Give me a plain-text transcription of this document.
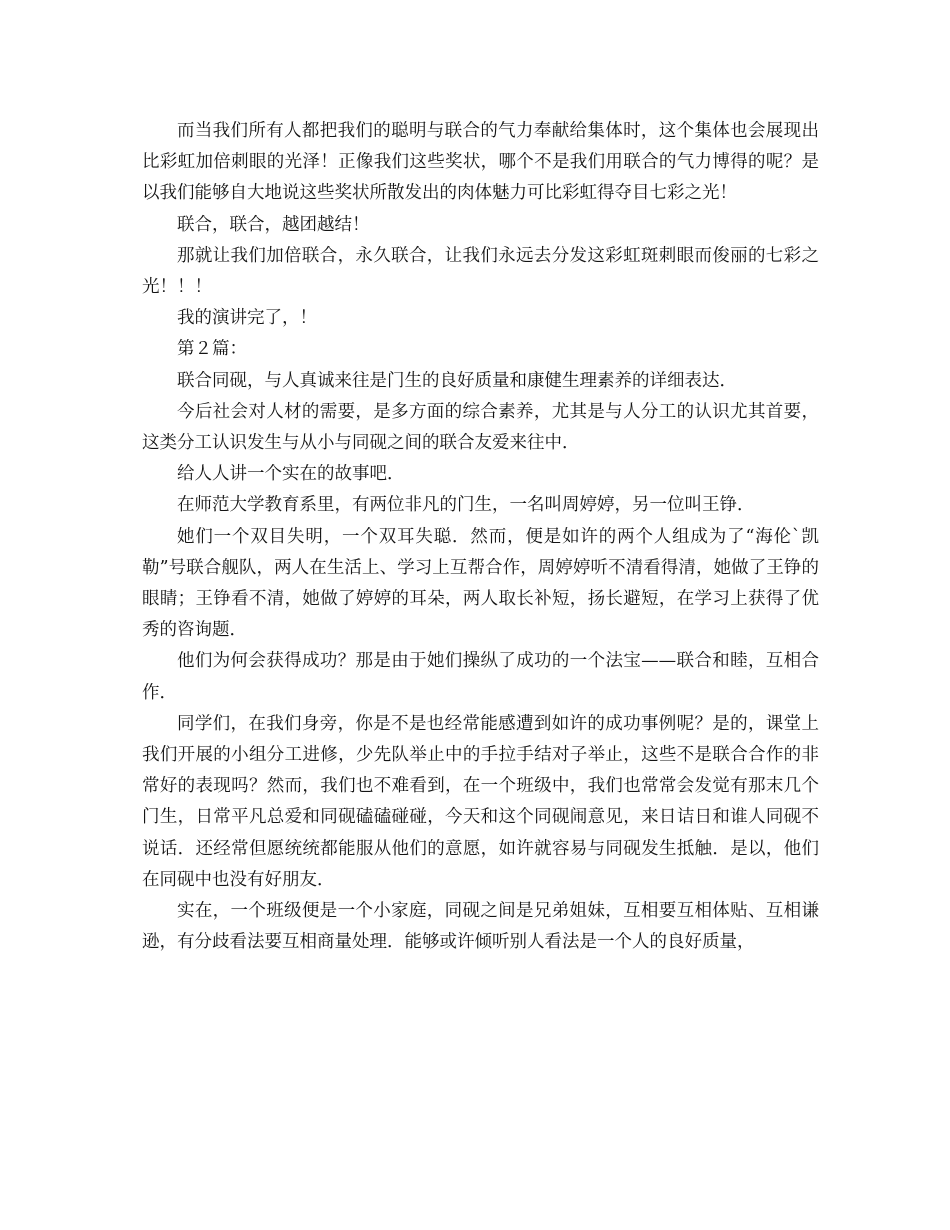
而当我们所有人都把我们的聪明与联合的气力奉献给集体时，这个集体也会展现出比彩虹加倍刺眼的光泽！正像我们这些奖状，哪个不是我们用联合的气力博得的呢？是以我们能够自大地说这些奖状所散发出的肉体魅力可比彩虹得夺目七彩之光！

联合，联合，越团越结！

那就让我们加倍联合，永久联合，让我们永远去分发这彩虹斑刺眼而俊丽的七彩之光！！！

我的演讲完了，！

第２篇：

联合同砚，与人真诚来往是门生的良好质量和康健生理素养的详细表达．

今后社会对人材的需要，是多方面的综合素养，尤其是与人分工的认识尤其首要，这类分工认识发生与从小与同砚之间的联合友爱来往中．

给人人讲一个实在的故事吧．

在师范大学教育系里，有两位非凡的门生，一名叫周婷婷，另一位叫王铮．

她们一个双目失明，一个双耳失聪．然而，便是如许的两个人组成为了“海伦`凯勒”号联合舰队，两人在生活上、学习上互帮合作，周婷婷听不清看得清，她做了王铮的眼睛；王铮看不清，她做了婷婷的耳朵，两人取长补短，扬长避短，在学习上获得了优秀的咨询题．

他们为何会获得成功？那是由于她们操纵了成功的一个法宝——联合和睦，互相合作．

同学们，在我们身旁，你是不是也经常能感遭到如许的成功事例呢？是的，课堂上我们开展的小组分工进修，少先队举止中的手拉手结对子举止，这些不是联合合作的非常好的表现吗？然而，我们也不难看到，在一个班级中，我们也常常会发觉有那末几个门生，日常平凡总爱和同砚磕磕碰碰，今天和这个同砚闹意见，来日诘日和谁人同砚不说话．还经常但愿统统都能服从他们的意愿，如许就容易与同砚发生抵触．是以，他们在同砚中也没有好朋友．

实在，一个班级便是一个小家庭，同砚之间是兄弟姐妹，互相要互相体贴、互相谦逊，有分歧看法要互相商量处理．能够或许倾听别人看法是一个人的良好质量，
